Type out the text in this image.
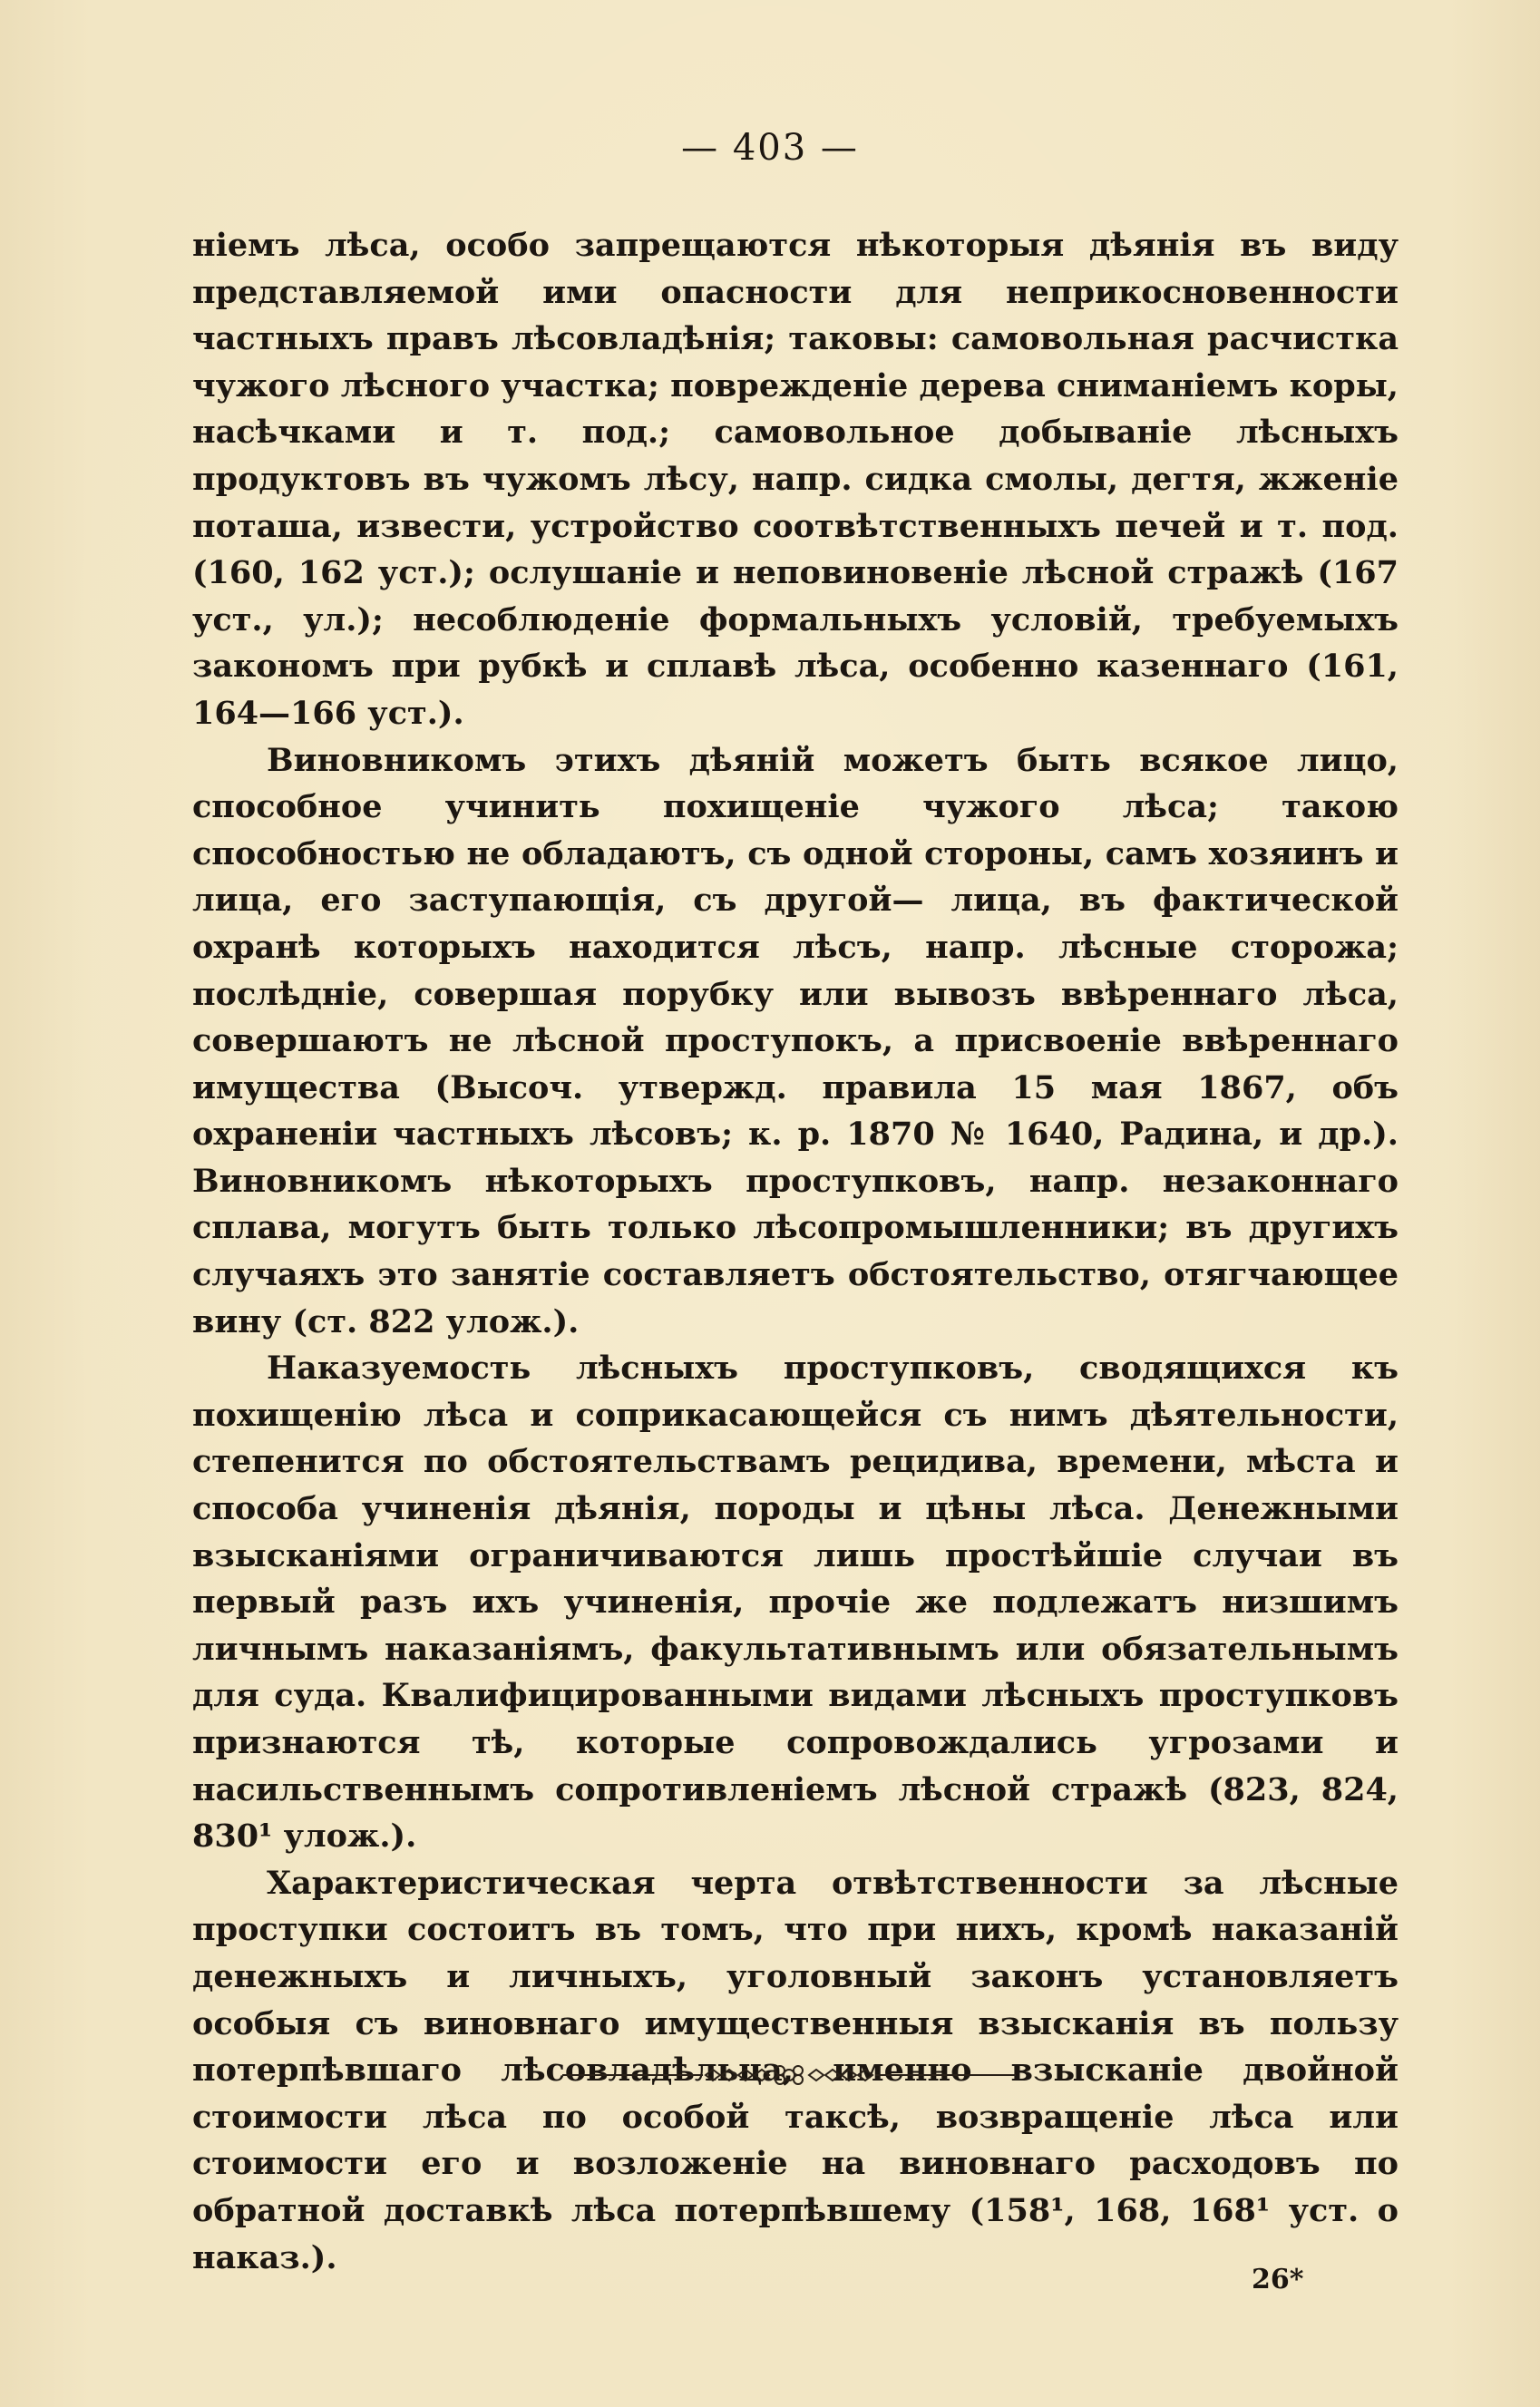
— 403 —

ніемъ лѣса, особо запрещаются нѣкоторыя дѣянія въ виду представляемой ими опасности для неприкосновенности частныхъ правъ лѣсовладѣнія; таковы: самовольная расчистка чужого лѣсного участка; поврежденіе дерева сниманіемъ коры, насѣчками и т. под.; самовольное добываніе лѣсныхъ продуктовъ въ чужомъ лѣсу, напр. сидка смолы, дегтя, жженіе поташа, извести, устройство соотвѣтственныхъ печей и т. под. (160, 162 уст.); ослушаніе и неповиновеніе лѣсной стражѣ (167 уст., ул.); несоблюденіе формальныхъ условій, требуемыхъ закономъ при рубкѣ и сплавѣ лѣса, особенно казеннаго (161, 164—166 уст.).

Виновникомъ этихъ дѣяній можетъ быть всякое лицо, способное учинить похищеніе чужого лѣса; такою способностью не обладаютъ, съ одной стороны, самъ хозяинъ и лица, его заступающія, съ другой— лица, въ фактической охранѣ которыхъ находится лѣсъ, напр. лѣсные сторожа; послѣдніе, совершая порубку или вывозъ ввѣреннаго лѣса, совершаютъ не лѣсной проступокъ, а присвоеніе ввѣреннаго имущества (Высоч. утвержд. правила 15 мая 1867, объ охраненіи частныхъ лѣсовъ; к. р. 1870 № 1640, Радина, и др.). Виновникомъ нѣкоторыхъ проступковъ, напр. незаконнаго сплава, могутъ быть только лѣсопромышленники; въ другихъ случаяхъ это занятіе составляетъ обстоятельство, отягчающее вину (ст. 822 улож.).

Наказуемость лѣсныхъ проступковъ, сводящихся къ похищенію лѣса и соприкасающейся съ нимъ дѣятельности, степенится по обстоятельствамъ рецидива, времени, мѣста и способа учиненія дѣянія, породы и цѣны лѣса. Денежными взысканіями ограничиваются лишь простѣйшіе случаи въ первый разъ ихъ учиненія, прочіе же подлежатъ низшимъ личнымъ наказаніямъ, факультативнымъ или обязательнымъ для суда. Квалифицированными видами лѣсныхъ проступковъ признаются тѣ, которые сопровождались угрозами и насильственнымъ сопротивленіемъ лѣсной стражѣ (823, 824, 830¹ улож.).

Характеристическая черта отвѣтственности за лѣсные проступки состоитъ въ томъ, что при нихъ, кромѣ наказаній денежныхъ и личныхъ, уголовный законъ установляетъ особыя съ виновнаго имущественныя взысканія въ пользу потерпѣвшаго лѣсовладѣльца, именно взысканіе двойной стоимости лѣса по особой таксѣ, возвращеніе лѣса или стоимости его и возложеніе на виновнаго расходовъ по обратной доставкѣ лѣса потерпѣвшему (158¹, 168, 168¹ уст. о наказ.).

26*
